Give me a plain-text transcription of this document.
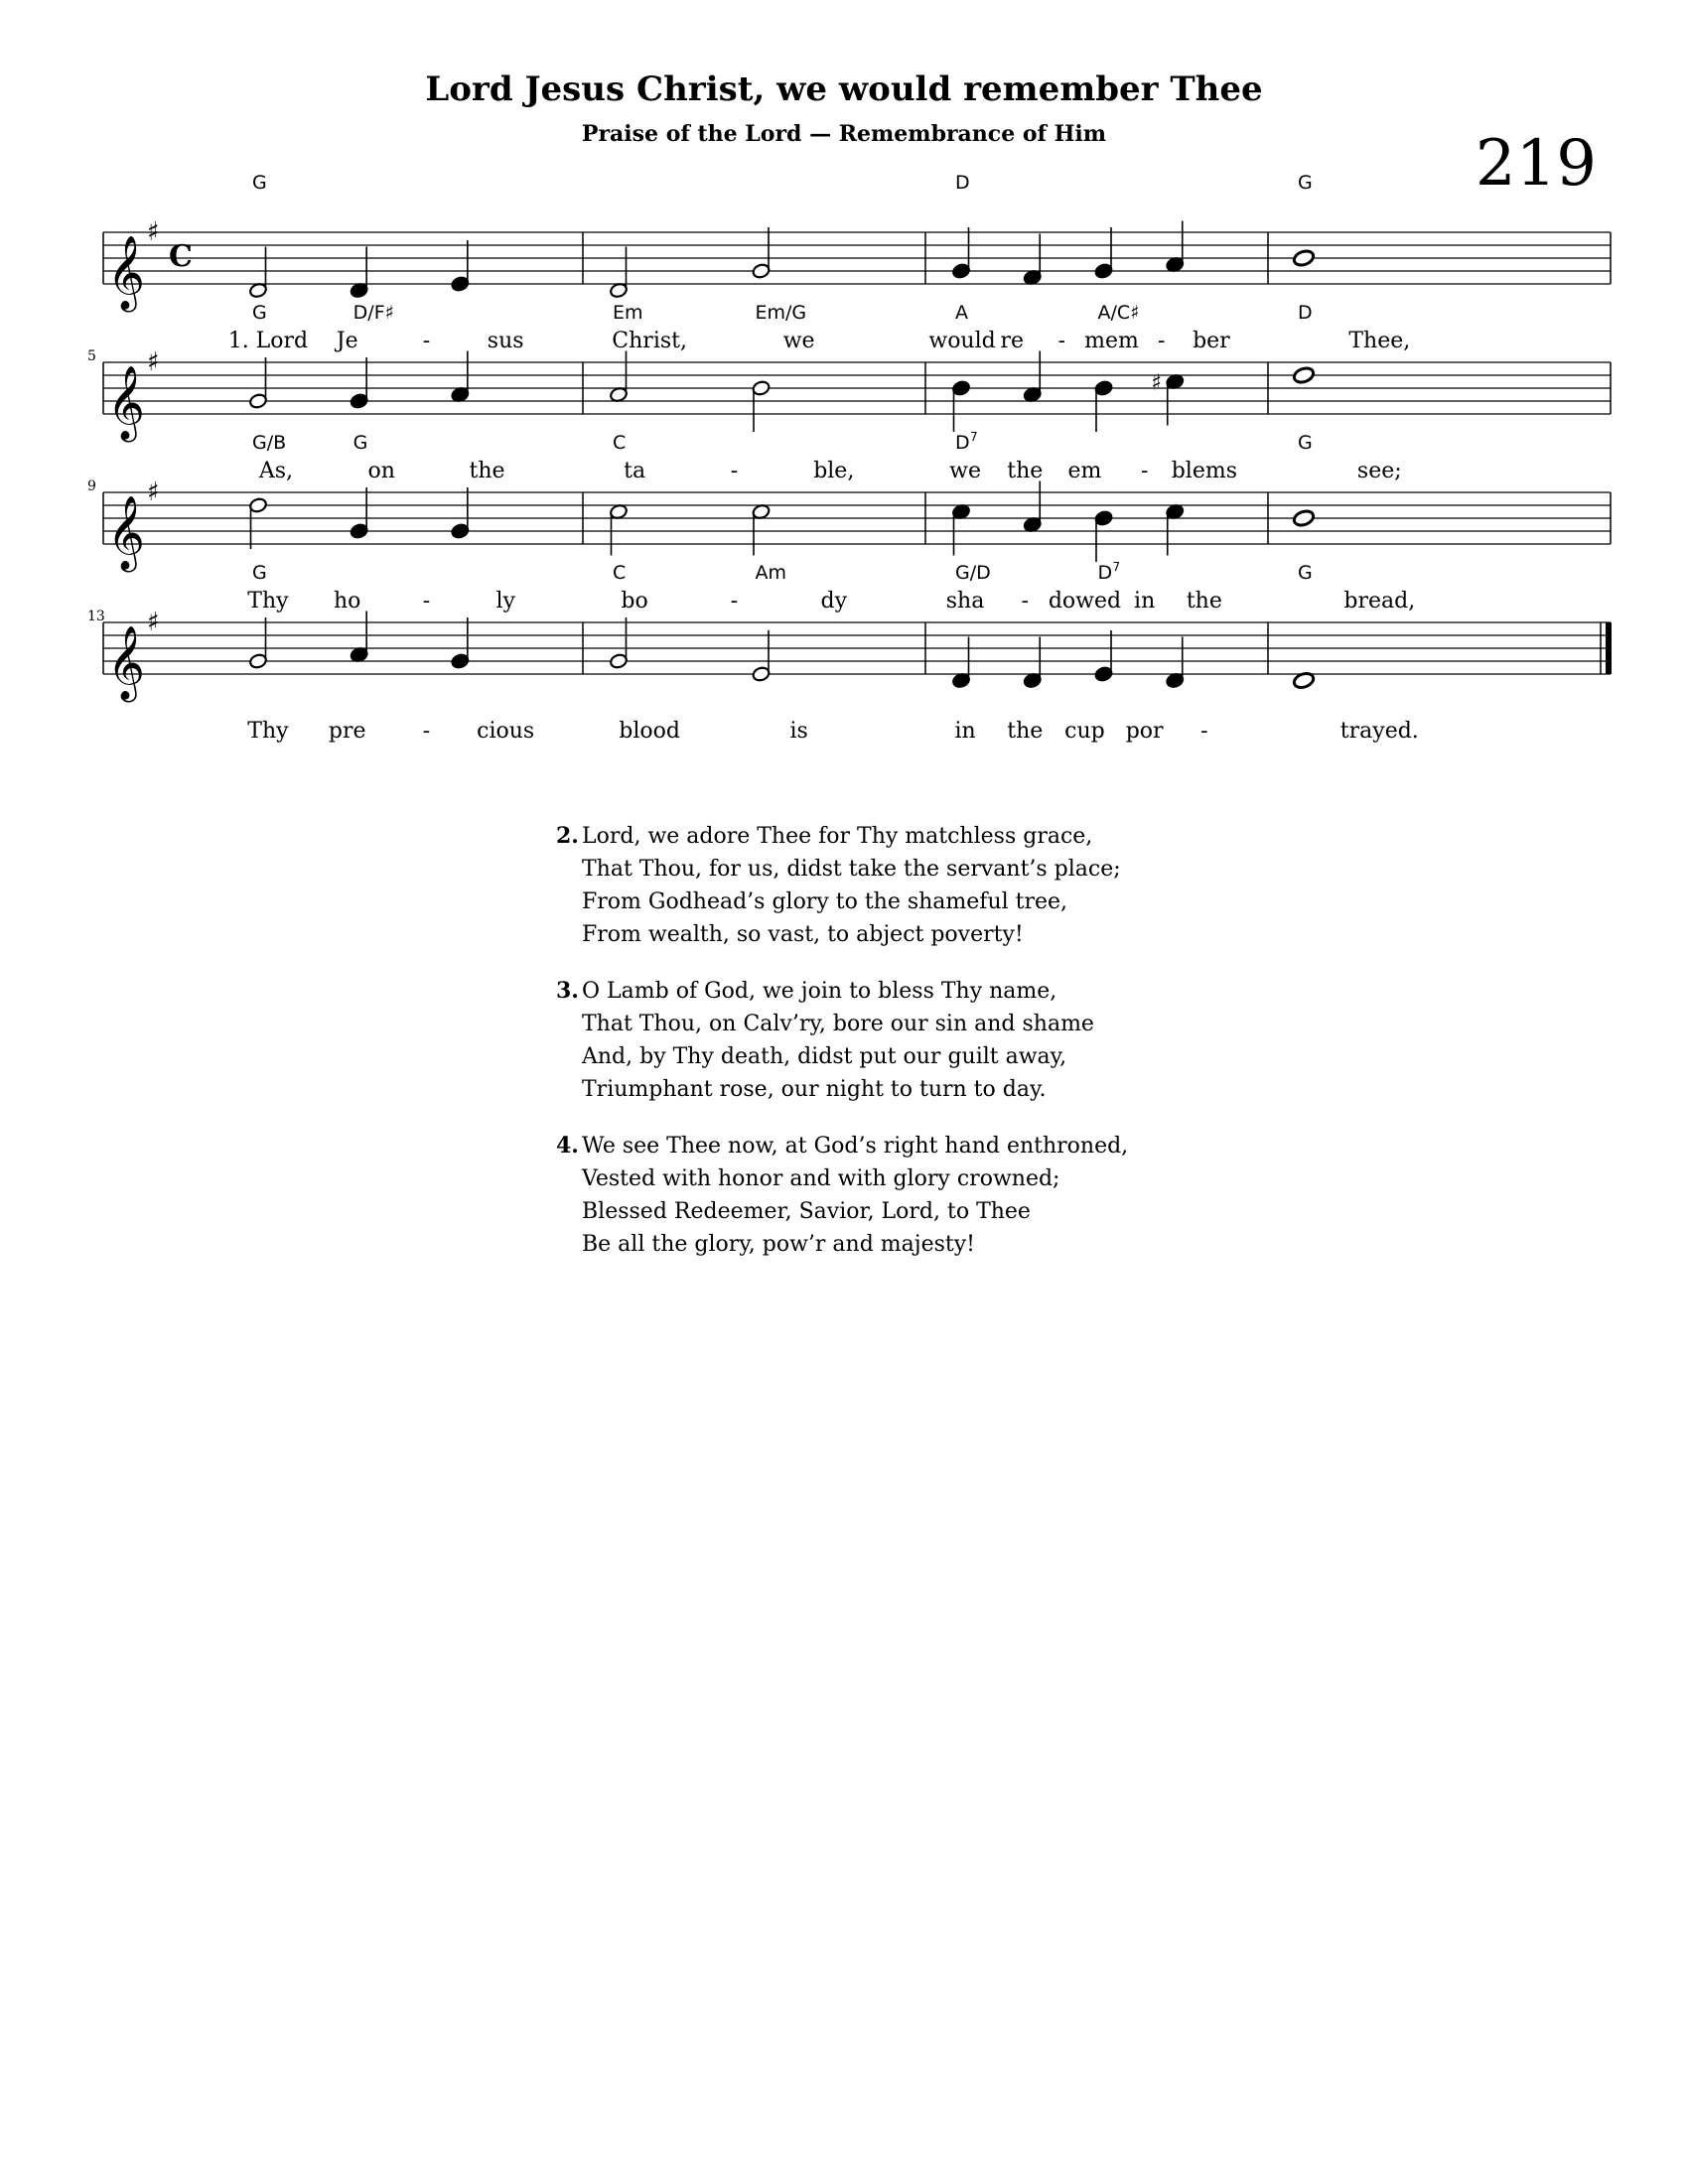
Lord Jesus Christ, we would remember Thee
Praise of the Lord — Remembrance of Him	219
𝄞
♯
C
G
1. Lord Je	-	sus	Christ,	we
D
would re - mem - ber
G
Thee,
𝄞
♯
5
G	D/F♯
As,	on	the
Em	Em/G
ta	-	ble,
♯
A	A/C♯
we the em - blems
D
see;
𝄞
♯
9
G/B	G
Thy ho	-	ly
C
bo	-	dy
D 7
sha - dowed in the
G
bread,
𝄞
♯
13
G
Thy pre	- cious
C	Am
blood	is
G/D	D 7
in the cup por -
G
trayed.
2. Lord, we adore Thee for Thy matchless grace,
That Thou, for us, didst take the servant’s place;
From Godhead’s glory to the shameful tree,
From wealth, so vast, to abject poverty!
3. O Lamb of God, we join to bless Thy name,
That Thou, on Calv’ry, bore our sin and shame
And, by Thy death, didst put our guilt away,
Triumphant rose, our night to turn to day.
4. We see Thee now, at God’s right hand enthroned,
Vested with honor and with glory crowned;
Blessed Redeemer, Savior, Lord, to Thee
Be all the glory, pow’r and majesty!
